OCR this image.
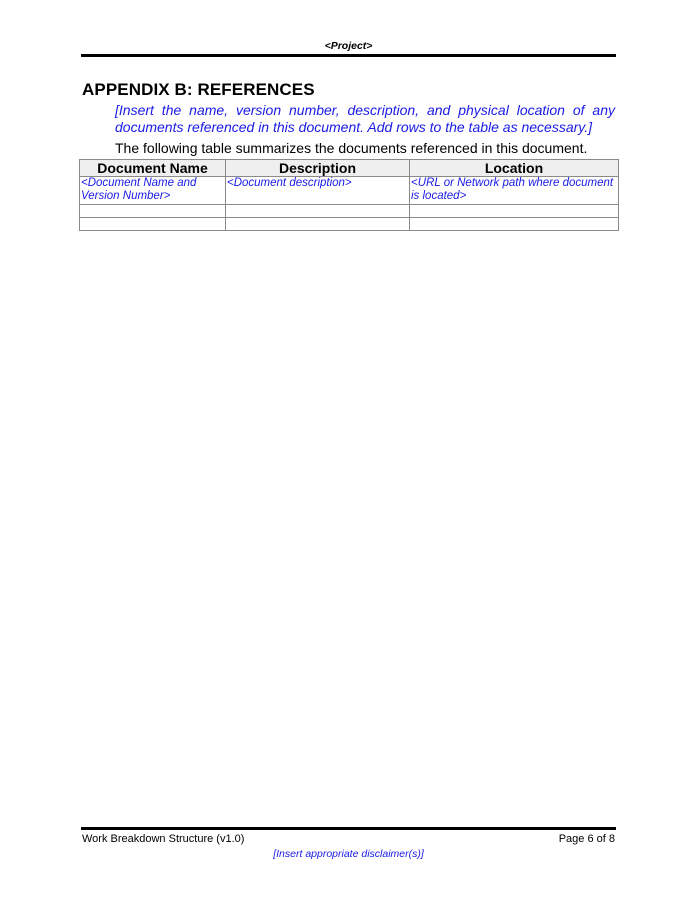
<Project>
APPENDIX B: REFERENCES
[Insert the name, version number, description, and physical location of any documents referenced in this document. Add rows to the table as necessary.]
The following table summarizes the documents referenced in this document.
Document Name	Description	Location
<Document Name and Version Number>	<Document description>	<URL or Network path where document is located>

Work Breakdown Structure (v1.0)	Page 6 of 8
[Insert appropriate disclaimer(s)]
